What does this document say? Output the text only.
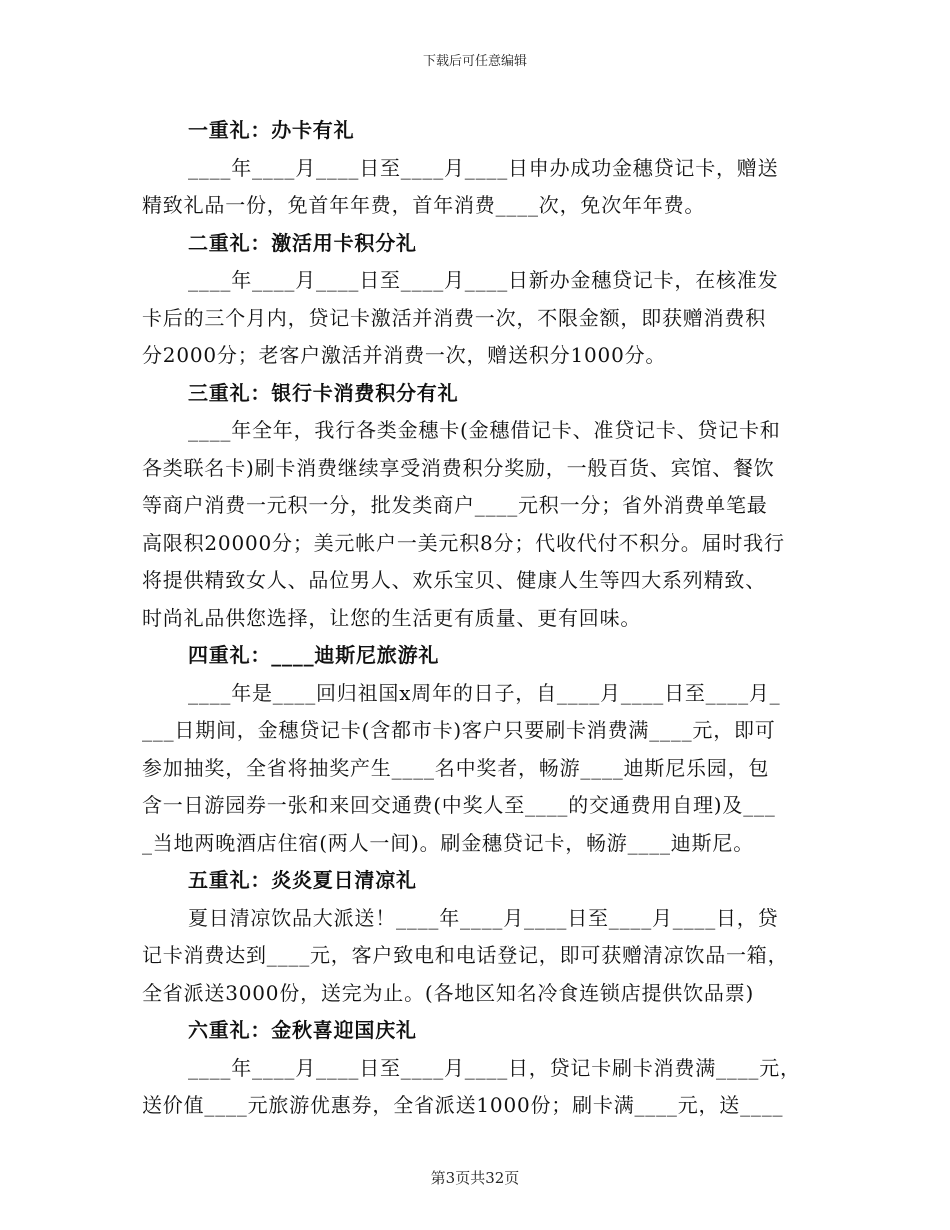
下载后可任意编辑
一重礼：办卡有礼
____年____月____日至____月____日申办成功金穗贷记卡，赠送
精致礼品一份，免首年年费，首年消费____次，免次年年费。
二重礼：激活用卡积分礼
____年____月____日至____月____日新办金穗贷记卡，在核准发
卡后的三个月内，贷记卡激活并消费一次，不限金额，即获赠消费积
分2000分；老客户激活并消费一次，赠送积分1000分。
三重礼：银行卡消费积分有礼
____年全年，我行各类金穗卡(金穗借记卡、准贷记卡、贷记卡和
各类联名卡)刷卡消费继续享受消费积分奖励，一般百货、宾馆、餐饮
等商户消费一元积一分，批发类商户____元积一分；省外消费单笔最
高限积20000分；美元帐户一美元积8分；代收代付不积分。届时我行
将提供精致女人、品位男人、欢乐宝贝、健康人生等四大系列精致、
时尚礼品供您选择，让您的生活更有质量、更有回味。
四重礼：____迪斯尼旅游礼
____年是____回归祖国x周年的日子，自____月____日至____月_
___日期间，金穗贷记卡(含都市卡)客户只要刷卡消费满____元，即可
参加抽奖，全省将抽奖产生____名中奖者，畅游____迪斯尼乐园，包
含一日游园券一张和来回交通费(中奖人至____的交通费用自理)及___
_当地两晚酒店住宿(两人一间)。刷金穗贷记卡，畅游____迪斯尼。
五重礼：炎炎夏日清凉礼
夏日清凉饮品大派送！____年____月____日至____月____日，贷
记卡消费达到____元，客户致电和电话登记，即可获赠清凉饮品一箱，
全省派送3000份，送完为止。(各地区知名冷食连锁店提供饮品票)
六重礼：金秋喜迎国庆礼
____年____月____日至____月____日，贷记卡刷卡消费满____元，
送价值____元旅游优惠券，全省派送1000份；刷卡满____元，送____
第3页共32页
